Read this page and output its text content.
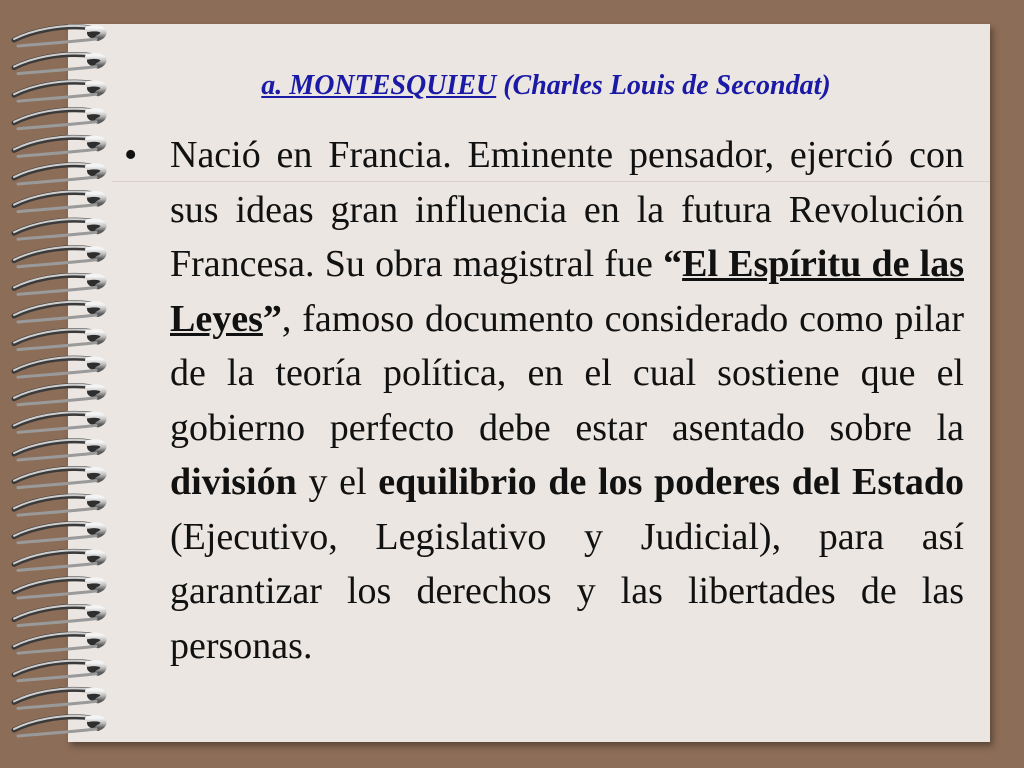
a. MONTESQUIEU (Charles Louis de Secondat)
• Nació en Francia. Eminente pensador, ejerció con sus ideas gran influencia en la futura Revolución Francesa. Su obra magistral fue “El Espíritu de las Leyes”, famoso documento considerado como pilar de la teoría política, en el cual sostiene que el gobierno perfecto debe estar asentado sobre la división y el equilibrio de los poderes del Estado (Ejecutivo, Legislativo y Judicial), para así garantizar los derechos y las libertades de las personas.
